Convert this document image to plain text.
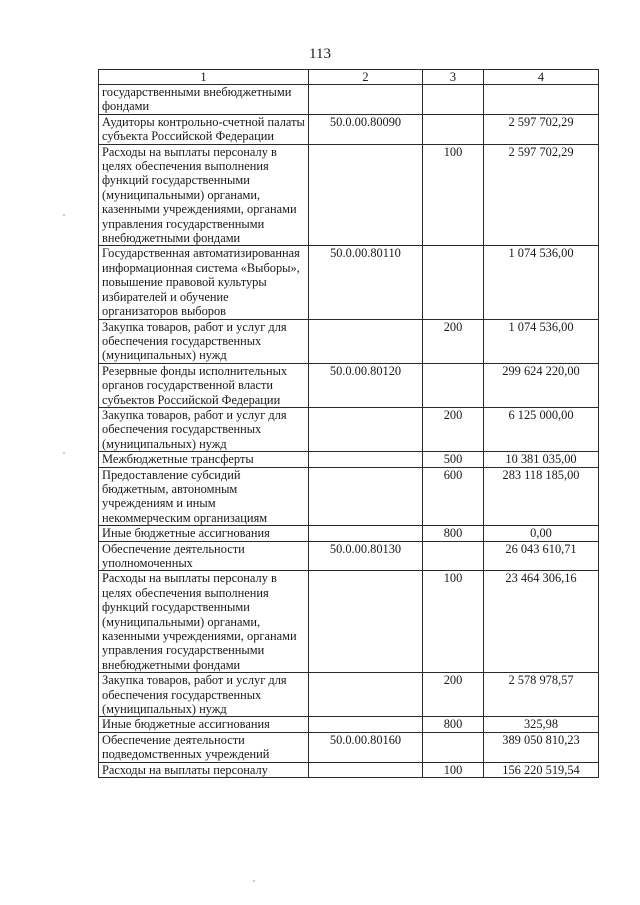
113
1	2	3	4
государственными внебюджетными фондами			
Аудиторы контрольно-счетной палаты субъекта Российской Федерации	50.0.00.80090		2 597 702,29
Расходы на выплаты персоналу в целях обеспечения выполнения функций государственными (муниципальными) органами, казенными учреждениями, органами управления государственными внебюджетными фондами		100	2 597 702,29
Государственная автоматизированная информационная система «Выборы», повышение правовой культуры избирателей и обучение организаторов выборов	50.0.00.80110		1 074 536,00
Закупка товаров, работ и услуг для обеспечения государственных (муниципальных) нужд		200	1 074 536,00
Резервные фонды исполнительных органов государственной власти субъектов Российской Федерации	50.0.00.80120		299 624 220,00
Закупка товаров, работ и услуг для обеспечения государственных (муниципальных) нужд		200	6 125 000,00
Межбюджетные трансферты		500	10 381 035,00
Предоставление субсидий бюджетным, автономным учреждениям и иным некоммерческим организациям		600	283 118 185,00
Иные бюджетные ассигнования		800	0,00
Обеспечение деятельности уполномоченных	50.0.00.80130		26 043 610,71
Расходы на выплаты персоналу в целях обеспечения выполнения функций государственными (муниципальными) органами, казенными учреждениями, органами управления государственными внебюджетными фондами		100	23 464 306,16
Закупка товаров, работ и услуг для обеспечения государственных (муниципальных) нужд		200	2 578 978,57
Иные бюджетные ассигнования		800	325,98
Обеспечение деятельности подведомственных учреждений	50.0.00.80160		389 050 810,23
Расходы на выплаты персоналу		100	156 220 519,54
